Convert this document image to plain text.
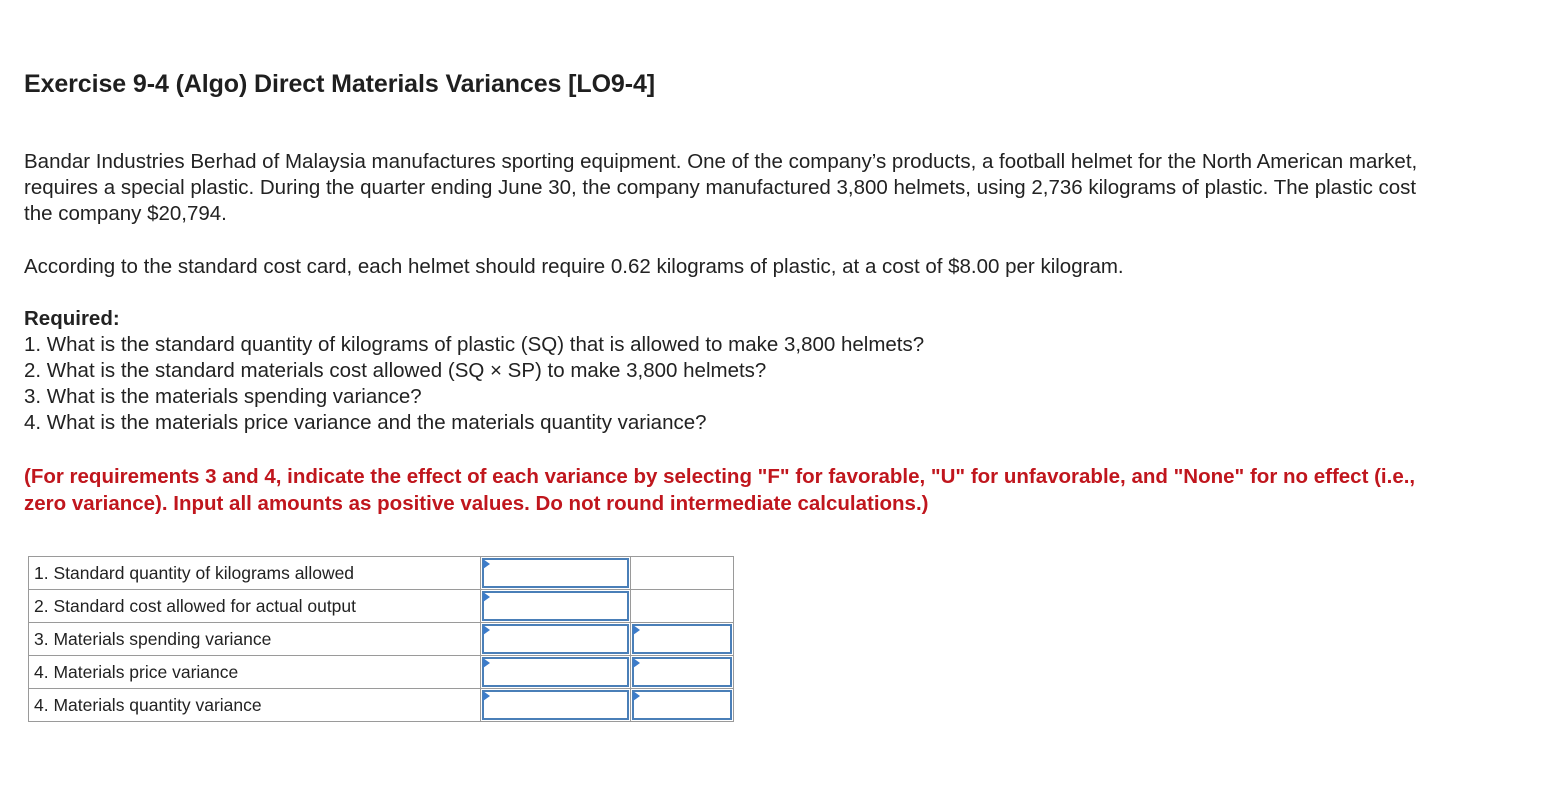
Exercise 9-4 (Algo) Direct Materials Variances [LO9-4]
Bandar Industries Berhad of Malaysia manufactures sporting equipment. One of the company’s products, a football helmet for the North American market, requires a special plastic. During the quarter ending June 30, the company manufactured 3,800 helmets, using 2,736 kilograms of plastic. The plastic cost the company $20,794.
According to the standard cost card, each helmet should require 0.62 kilograms of plastic, at a cost of $8.00 per kilogram.
Required:
1. What is the standard quantity of kilograms of plastic (SQ) that is allowed to make 3,800 helmets?
2. What is the standard materials cost allowed (SQ × SP) to make 3,800 helmets?
3. What is the materials spending variance?
4. What is the materials price variance and the materials quantity variance?
(For requirements 3 and 4, indicate the effect of each variance by selecting "F" for favorable, "U" for unfavorable, and "None" for no effect (i.e., zero variance). Input all amounts as positive values. Do not round intermediate calculations.)
1. Standard quantity of kilograms allowed	

2. Standard cost allowed for actual output	

3. Materials spending variance	

4. Materials price variance	

4. Materials quantity variance	
